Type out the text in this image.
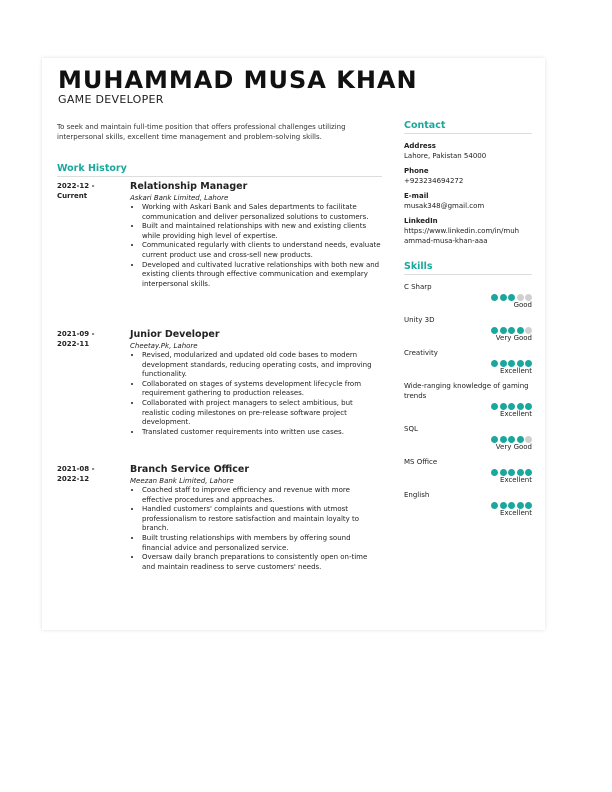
MUHAMMAD MUSA KHAN
GAME DEVELOPER
To seek and maintain full-time position that offers professional challenges utilizing interpersonal skills, excellent time management and problem-solving skills.
Work History
2022-12 -
Current
Relationship Manager
Askari Bank Limited, Lahore
• Working with Askari Bank and Sales departments to facilitate communication and deliver personalized solutions to customers.
• Built and maintained relationships with new and existing clients while providing high level of expertise.
• Communicated regularly with clients to understand needs, evaluate current product use and cross-sell new products.
• Developed and cultivated lucrative relationships with both new and existing clients through effective communication and exemplary interpersonal skills.
2021-09 -
2022-11
Junior Developer
Cheetay.Pk, Lahore
• Revised, modularized and updated old code bases to modern development standards, reducing operating costs, and improving functionality.
• Collaborated on stages of systems development lifecycle from requirement gathering to production releases.
• Collaborated with project managers to select ambitious, but realistic coding milestones on pre-release software project development.
• Translated customer requirements into written use cases.
2021-08 -
2022-12
Branch Service Officer
Meezan Bank Limited, Lahore
• Coached staff to improve efficiency and revenue with more effective procedures and approaches.
• Handled customers' complaints and questions with utmost professionalism to restore satisfaction and maintain loyalty to branch.
• Built trusting relationships with members by offering sound financial advice and personalized service.
• Oversaw daily branch preparations to consistently open on-time and maintain readiness to serve customers' needs.
Contact
Address
Lahore, Pakistan 54000
Phone
+923234694272
E-mail
musak348@gmail.com
LinkedIn
https://www.linkedin.com/in/muhammad-musa-khan-aaa
Skills
C Sharp
Good
Unity 3D
Very Good
Creativity
Excellent
Wide-ranging knowledge of gaming trends
Excellent
SQL
Very Good
MS Office
Excellent
English
Excellent
